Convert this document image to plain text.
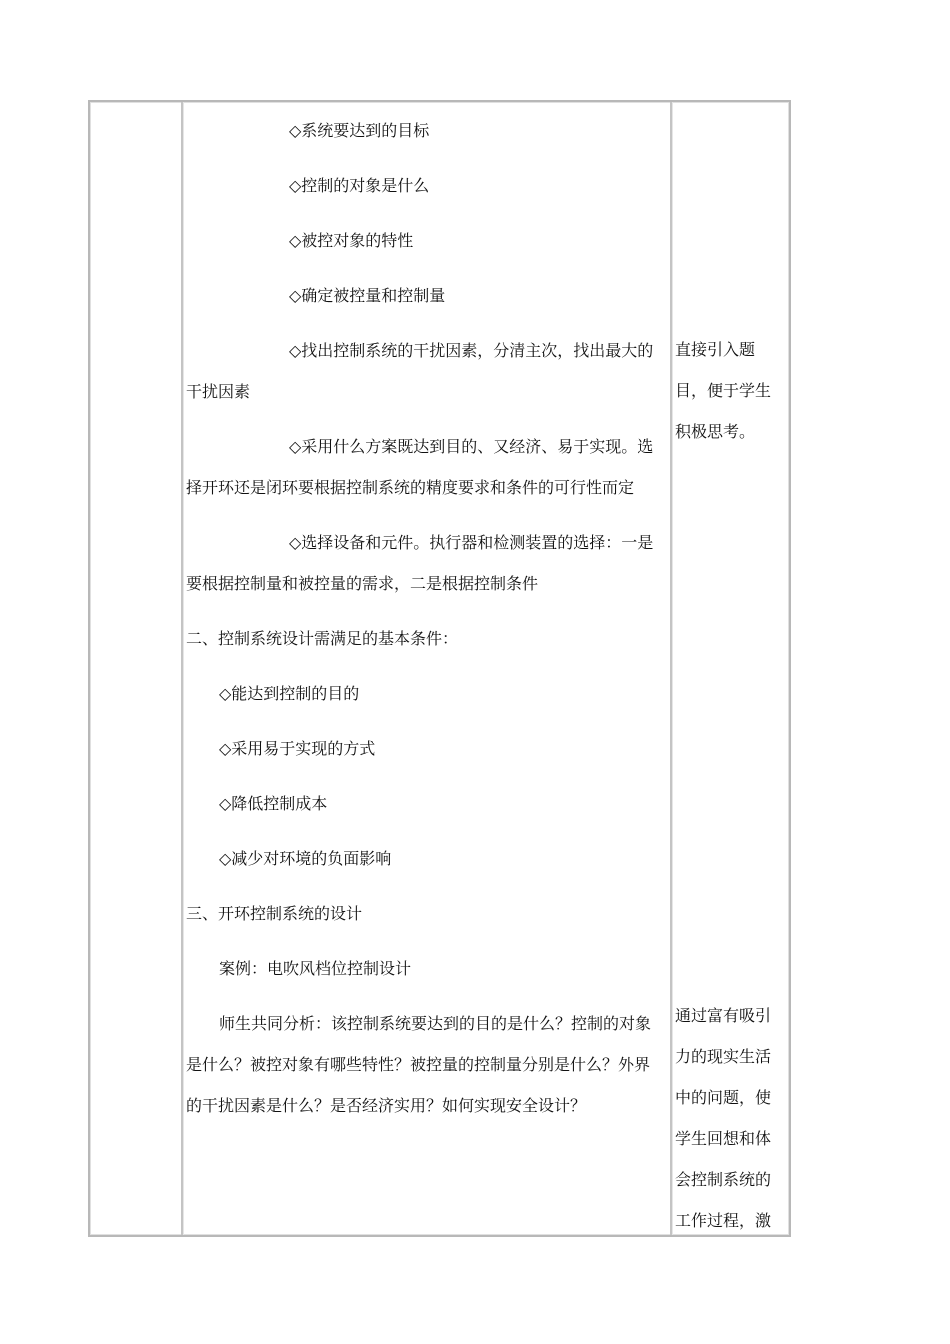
◇系统要达到的目标

◇控制的对象是什么

◇被控对象的特性

◇确定被控量和控制量

◇找出控制系统的干扰因素，分清主次，找出最大的

干扰因素

◇采用什么方案既达到目的、又经济、易于实现。选

择开环还是闭环要根据控制系统的精度要求和条件的可行性而定

◇选择设备和元件。执行器和检测装置的选择：一是

要根据控制量和被控量的需求，二是根据控制条件

二、控制系统设计需满足的基本条件：

◇能达到控制的目的

◇采用易于实现的方式

◇降低控制成本

◇减少对环境的负面影响

三、开环控制系统的设计

案例：电吹风档位控制设计

师生共同分析：该控制系统要达到的目的是什么？控制的对象

是什么？被控对象有哪些特性？被控量的控制量分别是什么？外界

的干扰因素是什么？是否经济实用？如何实现安全设计？

直接引入题

目，便于学生

积极思考。

通过富有吸引

力的现实生活

中的问题，使

学生回想和体

会控制系统的

工作过程，激
